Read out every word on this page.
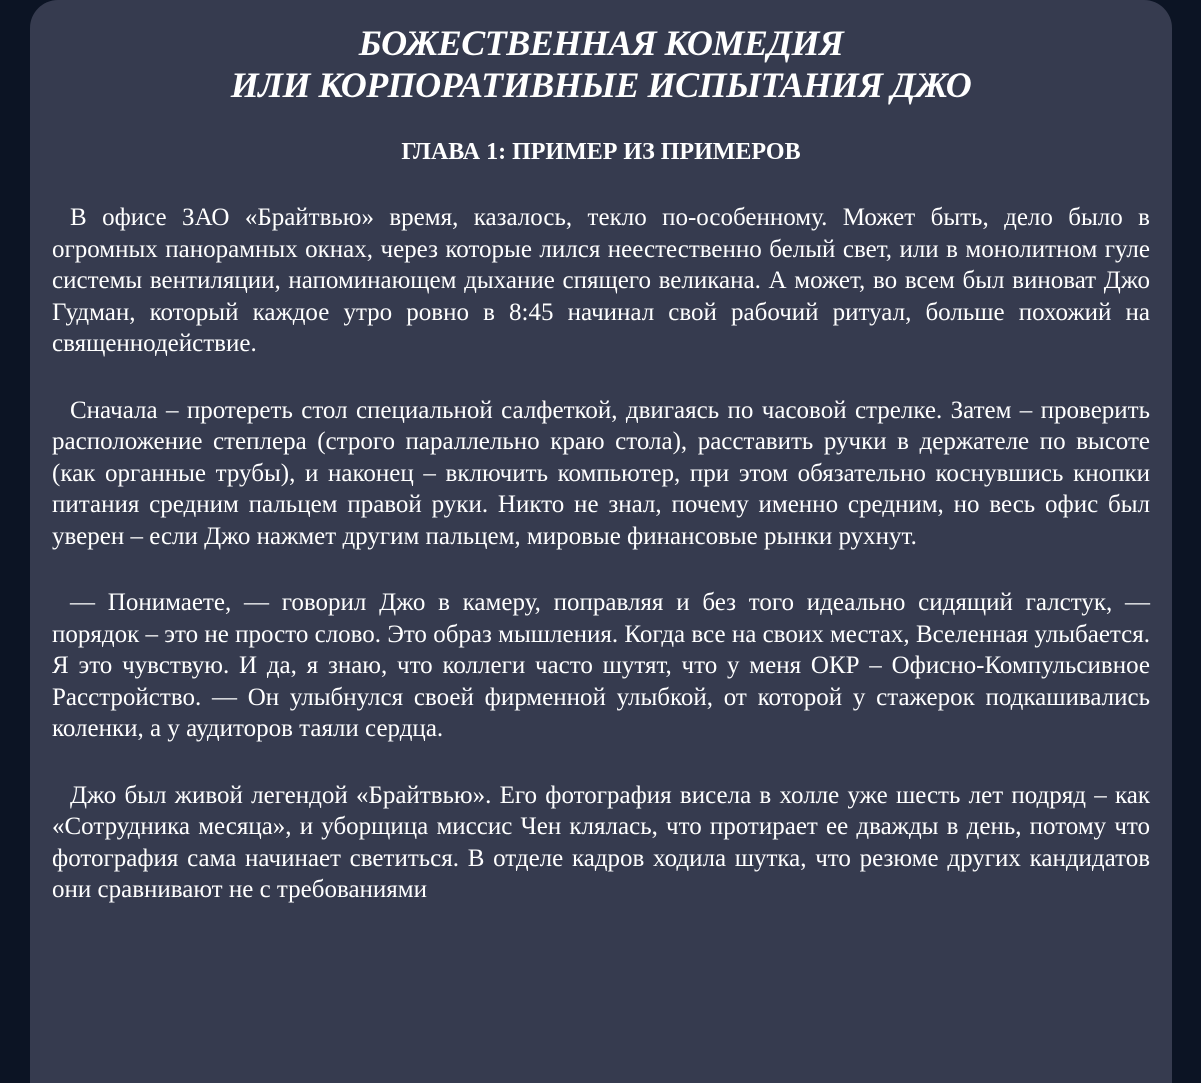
БОЖЕСТВЕННАЯ КОМЕДИЯ
ИЛИ КОРПОРАТИВНЫЕ ИСПЫТАНИЯ ДЖО
ГЛАВА 1: ПРИМЕР ИЗ ПРИМЕРОВ

В офисе ЗАО «Брайтвью» время, казалось, текло по-особенному. Может быть, дело было в огромных панорамных окнах, через которые лился неестественно белый свет, или в монолитном гуле системы вентиляции, напоминающем дыхание спящего великана. А может, во всем был виноват Джо Гудман, который каждое утро ровно в 8:45 начинал свой рабочий ритуал, больше похожий на священнодействие.

Сначала – протереть стол специальной салфеткой, двигаясь по часовой стрелке. Затем – проверить расположение степлера (строго параллельно краю стола), расставить ручки в держателе по высоте (как органные трубы), и наконец – включить компьютер, при этом обязательно коснувшись кнопки питания средним пальцем правой руки. Никто не знал, почему именно средним, но весь офис был уверен – если Джо нажмет другим пальцем, мировые финансовые рынки рухнут.

— Понимаете, — говорил Джо в камеру, поправляя и без того идеально сидящий галстук, — порядок – это не просто слово. Это образ мышления. Когда все на своих местах, Вселенная улыбается. Я это чувствую. И да, я знаю, что коллеги часто шутят, что у меня ОКР – Офисно-Компульсивное Расстройство. — Он улыбнулся своей фирменной улыбкой, от которой у стажерок подкашивались коленки, а у аудиторов таяли сердца.

Джо был живой легендой «Брайтвью». Его фотография висела в холле уже шесть лет подряд – как «Сотрудника месяца», и уборщица миссис Чен клялась, что протирает ее дважды в день, потому что фотография сама начинает светиться. В отделе кадров ходила шутка, что резюме других кандидатов они сравнивают не с требованиями
